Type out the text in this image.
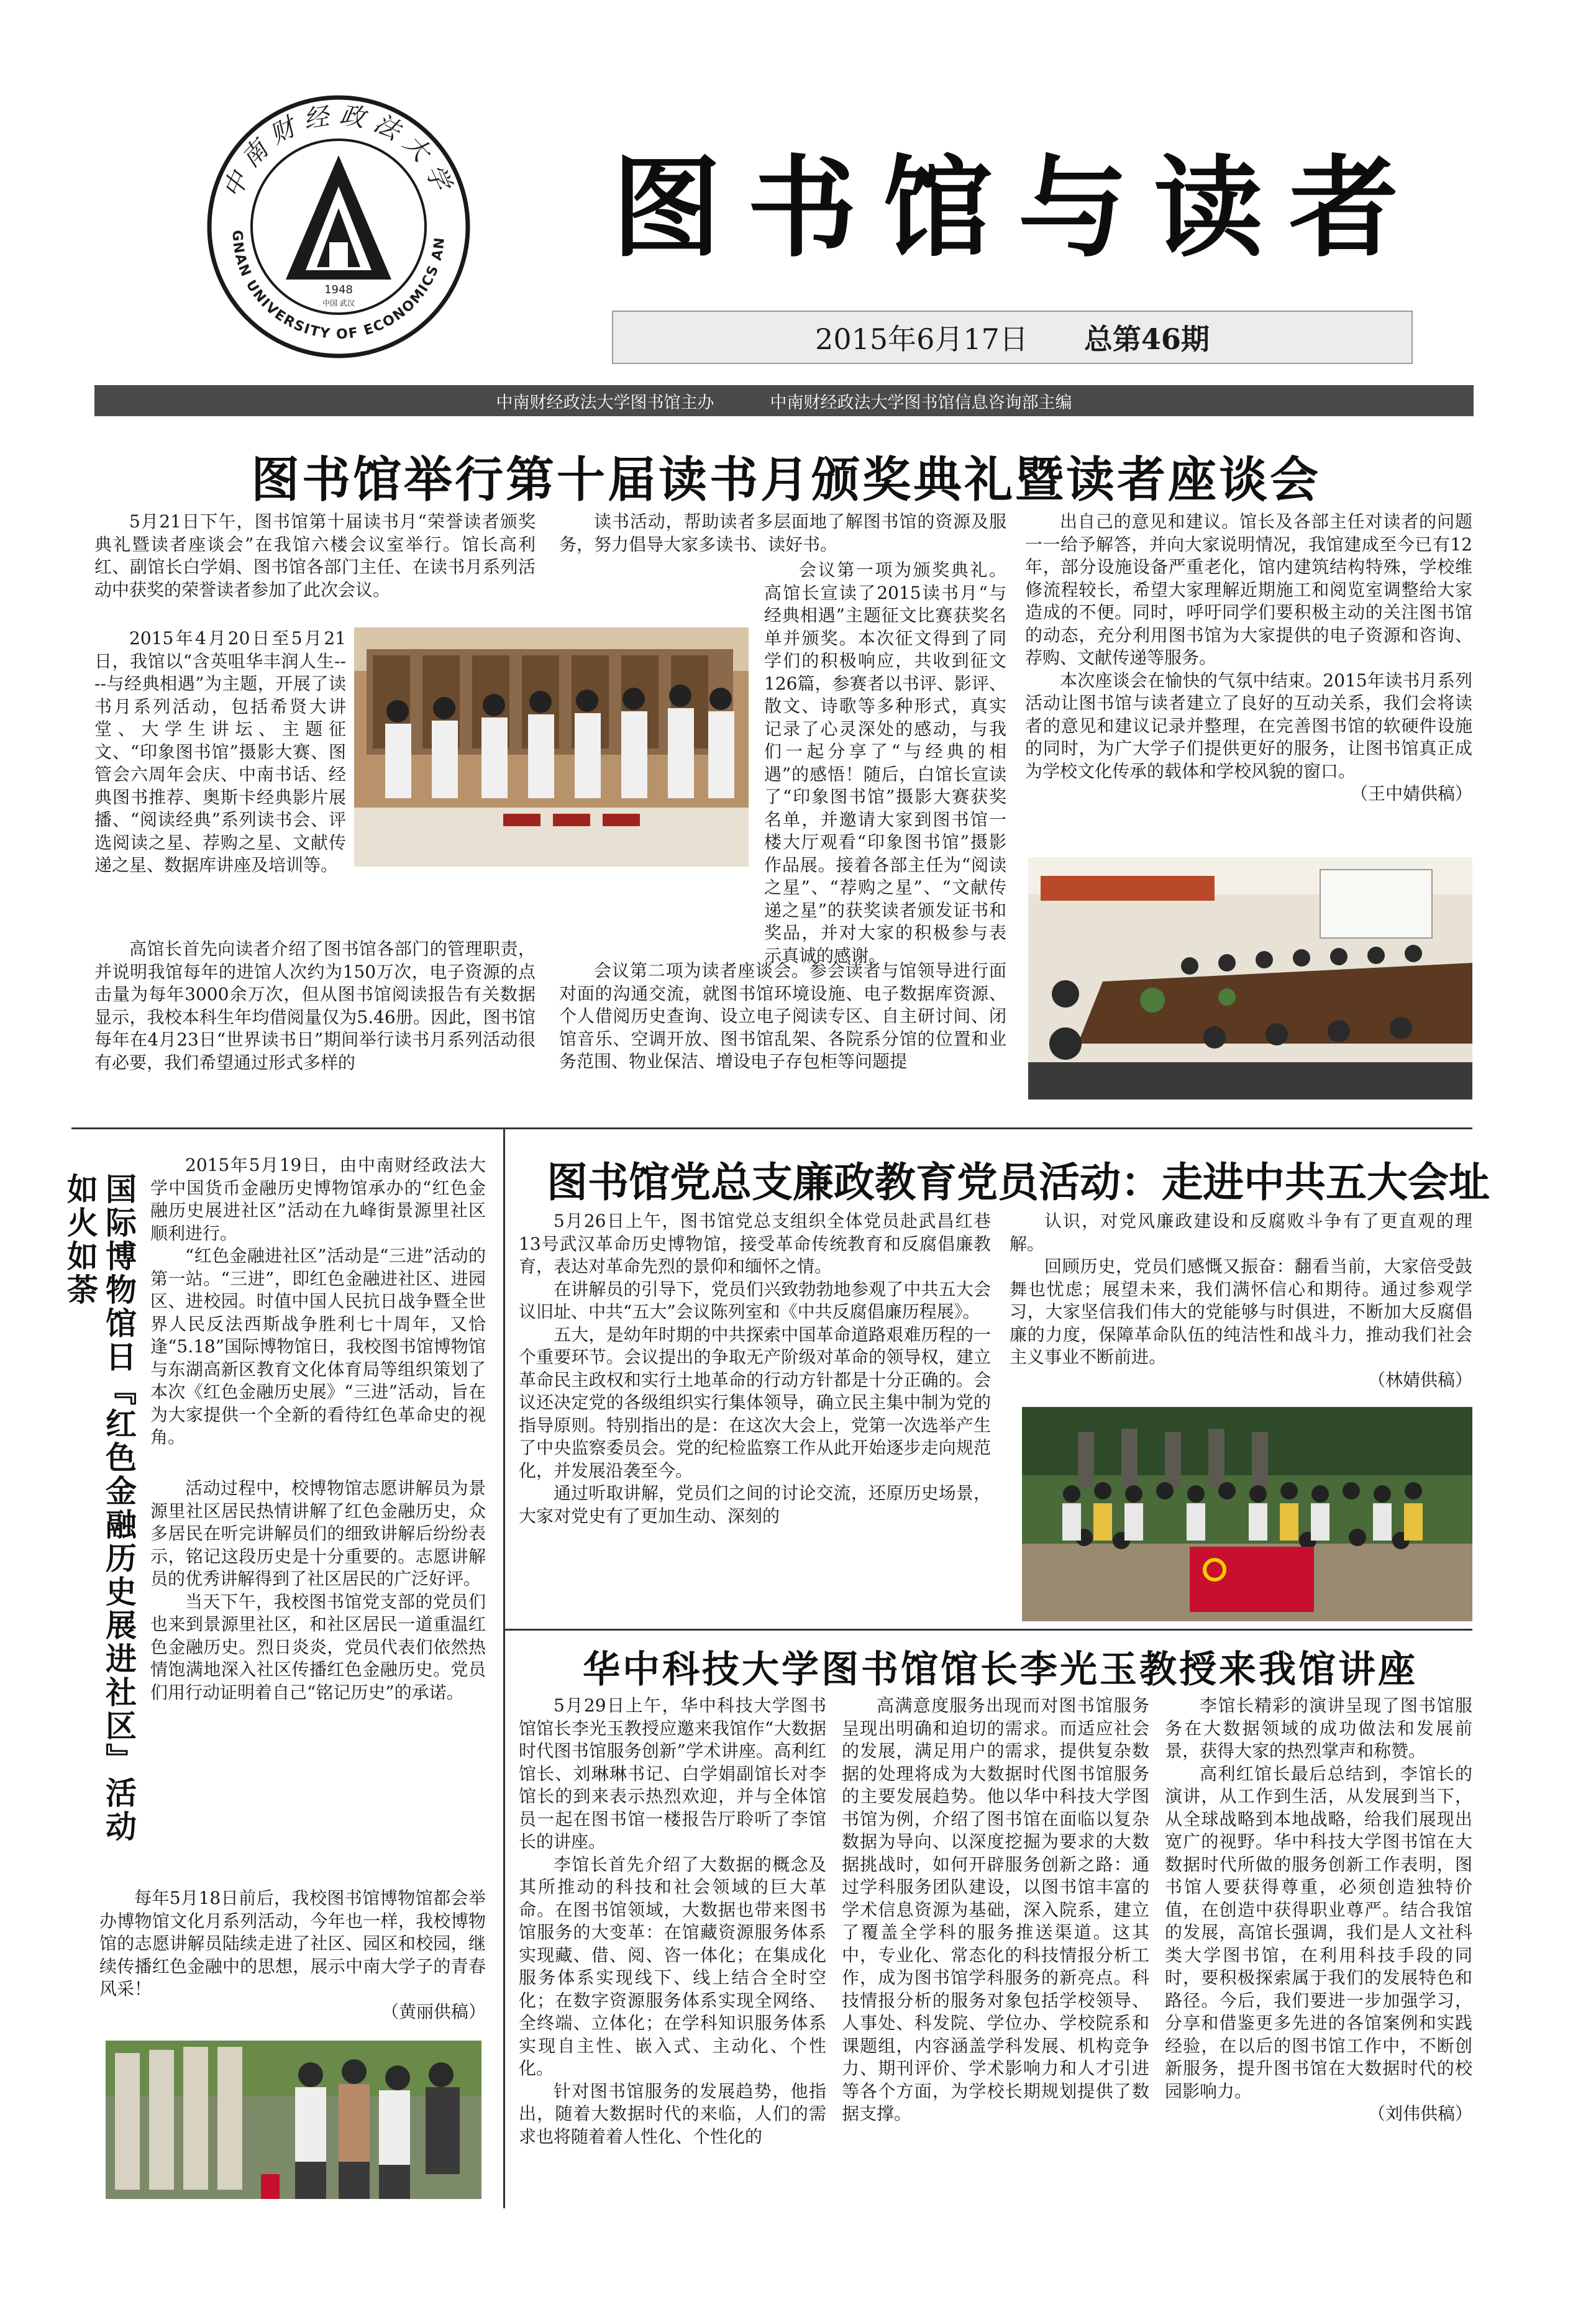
中南财经政法大学
GNAN UNIVERSITY OF ECONOMICS AN
1948
中国 武汉
图书馆与读者
2015年6月17日 总第46期
中南财经政法大学图书馆主办	中南财经政法大学图书馆信息咨询部主编
图书馆举行第十届读书月颁奖典礼暨读者座谈会

5月21日下午，图书馆第十届读书月“荣誉读者颁奖典礼暨读者座谈会”在我馆六楼会议室举行。馆长高利红、副馆长白学娟、图书馆各部门主任、在读书月系列活动中获奖的荣誉读者参加了此次会议。

2015年4月20日至5月21日，我馆以“含英咀华丰润人生----与经典相遇”为主题，开展了读书月系列活动，包括希贤大讲堂、大学生讲坛、主题征文、“印象图书馆”摄影大赛、图管会六周年会庆、中南书话、经典图书推荐、奥斯卡经典影片展播、“阅读经典”系列读书会、评选阅读之星、荐购之星、文献传递之星、数据库讲座及培训等。

高馆长首先向读者介绍了图书馆各部门的管理职责，并说明我馆每年的进馆人次约为150万次，电子资源的点击量为每年3000余万次，但从图书馆阅读报告有关数据显示，我校本科生年均借阅量仅为5.46册。因此，图书馆每年在4月23日“世界读书日”期间举行读书月系列活动很有必要，我们希望通过形式多样的

读书活动，帮助读者多层面地了解图书馆的资源及服务，努力倡导大家多读书、读好书。

会议第一项为颁奖典礼。高馆长宣读了2015读书月“与经典相遇”主题征文比赛获奖名单并颁奖。本次征文得到了同学们的积极响应，共收到征文126篇，参赛者以书评、影评、散文、诗歌等多种形式，真实记录了心灵深处的感动，与我们一起分享了“与经典的相遇”的感悟！随后，白馆长宣读了“印象图书馆”摄影大赛获奖名单，并邀请大家到图书馆一楼大厅观看“印象图书馆”摄影作品展。接着各部主任为“阅读之星”、“荐购之星”、“文献传递之星”的获奖读者颁发证书和奖品，并对大家的积极参与表示真诚的感谢。

会议第二项为读者座谈会。参会读者与馆领导进行面对面的沟通交流，就图书馆环境设施、电子数据库资源、个人借阅历史查询、设立电子阅读专区、自主研讨间、闭馆音乐、空调开放、图书馆乱架、各院系分馆的位置和业务范围、物业保洁、增设电子存包柜等问题提

出自己的意见和建议。馆长及各部主任对读者的问题一一给予解答，并向大家说明情况，我馆建成至今已有12年，部分设施设备严重老化，馆内建筑结构特殊，学校维修流程较长，希望大家理解近期施工和阅览室调整给大家造成的不便。同时，呼吁同学们要积极主动的关注图书馆的动态，充分利用图书馆为大家提供的电子资源和咨询、荐购、文献传递等服务。

本次座谈会在愉快的气氛中结束。2015年读书月系列活动让图书馆与读者建立了良好的互动关系，我们会将读者的意见和建议记录并整理，在完善图书馆的软硬件设施的同时，为广大学子们提供更好的服务，让图书馆真正成为学校文化传承的载体和学校风貌的窗口。

（王中婧供稿）

国际博物馆日『红色金融历史展进社区』活动如火如荼

2015年5月19日，由中南财经政法大学中国货币金融历史博物馆承办的“红色金融历史展进社区”活动在九峰街景源里社区顺利进行。

“红色金融进社区”活动是“三进”活动的第一站。“三进”，即红色金融进社区、进园区、进校园。时值中国人民抗日战争暨全世界人民反法西斯战争胜利七十周年，又恰逢“5.18”国际博物馆日，我校图书馆博物馆与东湖高新区教育文化体育局等组织策划了本次《红色金融历史展》“三进”活动，旨在为大家提供一个全新的看待红色革命史的视角。

活动过程中，校博物馆志愿讲解员为景源里社区居民热情讲解了红色金融历史，众多居民在听完讲解员们的细致讲解后纷纷表示，铭记这段历史是十分重要的。志愿讲解员的优秀讲解得到了社区居民的广泛好评。

当天下午，我校图书馆党支部的党员们也来到景源里社区，和社区居民一道重温红色金融历史。烈日炎炎，党员代表们依然热情饱满地深入社区传播红色金融历史。党员们用行动证明着自己“铭记历史”的承诺。

每年5月18日前后，我校图书馆博物馆都会举办博物馆文化月系列活动，今年也一样，我校博物馆的志愿讲解员陆续走进了社区、园区和校园，继续传播红色金融中的思想，展示中南大学子的青春风采！

（黄丽供稿）

图书馆党总支廉政教育党员活动：走进中共五大会址

5月26日上午，图书馆党总支组织全体党员赴武昌红巷13号武汉革命历史博物馆，接受革命传统教育和反腐倡廉教育，表达对革命先烈的景仰和缅怀之情。

在讲解员的引导下，党员们兴致勃勃地参观了中共五大会议旧址、中共“五大”会议陈列室和《中共反腐倡廉历程展》。

五大，是幼年时期的中共探索中国革命道路艰难历程的一个重要环节。会议提出的争取无产阶级对革命的领导权，建立革命民主政权和实行土地革命的行动方针都是十分正确的。会议还决定党的各级组织实行集体领导，确立民主集中制为党的指导原则。特别指出的是：在这次大会上，党第一次选举产生了中央监察委员会。党的纪检监察工作从此开始逐步走向规范化，并发展沿袭至今。

通过听取讲解，党员们之间的讨论交流，还原历史场景，大家对党史有了更加生动、深刻的

认识，对党风廉政建设和反腐败斗争有了更直观的理解。

回顾历史，党员们感慨又振奋：翻看当前，大家倍受鼓舞也忧虑；展望未来，我们满怀信心和期待。通过参观学习，大家坚信我们伟大的党能够与时俱进，不断加大反腐倡廉的力度，保障革命队伍的纯洁性和战斗力，推动我们社会主义事业不断前进。

（林婧供稿）

华中科技大学图书馆馆长李光玉教授来我馆讲座

5月29日上午，华中科技大学图书馆馆长李光玉教授应邀来我馆作“大数据时代图书馆服务创新”学术讲座。高利红馆长、刘琳琳书记、白学娟副馆长对李馆长的到来表示热烈欢迎，并与全体馆员一起在图书馆一楼报告厅聆听了李馆长的讲座。

李馆长首先介绍了大数据的概念及其所推动的科技和社会领域的巨大革命。在图书馆领域，大数据也带来图书馆服务的大变革：在馆藏资源服务体系实现藏、借、阅、咨一体化；在集成化服务体系实现线下、线上结合全时空化；在数字资源服务体系实现全网络、全终端、立体化；在学科知识服务体系实现自主性、嵌入式、主动化、个性化。

针对图书馆服务的发展趋势，他指出，随着大数据时代的来临，人们的需求也将随着着人性化、个性化的

高满意度服务出现而对图书馆服务呈现出明确和迫切的需求。而适应社会的发展，满足用户的需求，提供复杂数据的处理将成为大数据时代图书馆服务的主要发展趋势。他以华中科技大学图书馆为例，介绍了图书馆在面临以复杂数据为导向、以深度挖掘为要求的大数据挑战时，如何开辟服务创新之路：通过学科服务团队建设，以图书馆丰富的学术信息资源为基础，深入院系，建立了覆盖全学科的服务推送渠道。这其中，专业化、常态化的科技情报分析工作，成为图书馆学科服务的新亮点。科技情报分析的服务对象包括学校领导、人事处、科发院、学位办、学校院系和课题组，内容涵盖学科发展、机构竞争力、期刊评价、学术影响力和人才引进等各个方面，为学校长期规划提供了数据支撑。

李馆长精彩的演讲呈现了图书馆服务在大数据领域的成功做法和发展前景，获得大家的热烈掌声和称赞。

高利红馆长最后总结到，李馆长的演讲，从工作到生活，从发展到当下，从全球战略到本地战略，给我们展现出宽广的视野。华中科技大学图书馆在大数据时代所做的服务创新工作表明，图书馆人要获得尊重，必须创造独特价值，在创造中获得职业尊严。结合我馆的发展，高馆长强调，我们是人文社科类大学图书馆，在利用科技手段的同时，要积极探索属于我们的发展特色和路径。今后，我们要进一步加强学习，分享和借鉴更多先进的各馆案例和实践经验，在以后的图书馆工作中，不断创新服务，提升图书馆在大数据时代的校园影响力。

（刘伟供稿）
